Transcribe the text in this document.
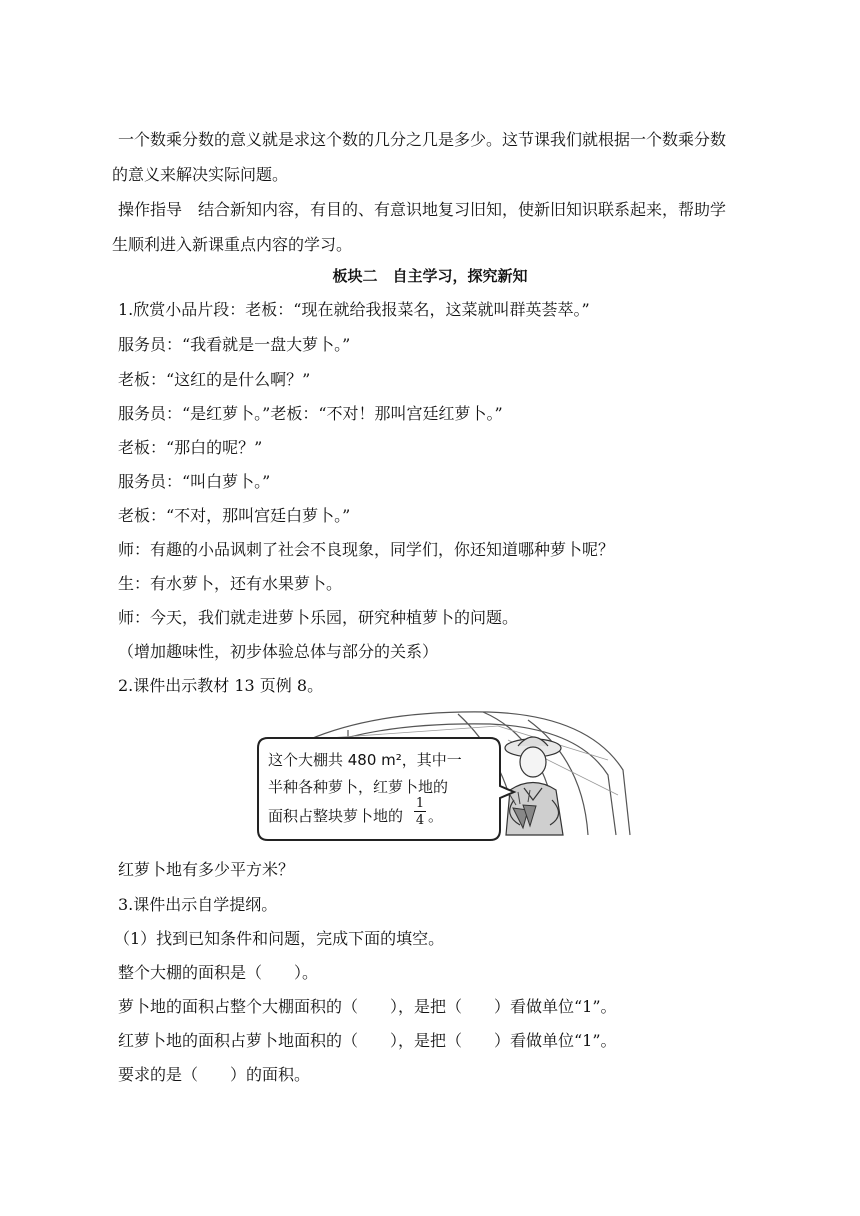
一个数乘分数的意义就是求这个数的几分之几是多少。这节课我们就根据一个数乘分数
的意义来解决实际问题。
操作指导　结合新知内容，有目的、有意识地复习旧知，使新旧知识联系起来，帮助学
生顺利进入新课重点内容的学习。
板块二　自主学习，探究新知
1.欣赏小品片段：老板：“现在就给我报菜名，这菜就叫群英荟萃。”
服务员：“我看就是一盘大萝卜。”
老板：“这红的是什么啊？”
服务员：“是红萝卜。”老板：“不对！那叫宫廷红萝卜。”
老板：“那白的呢？”
服务员：“叫白萝卜。”
老板：“不对，那叫宫廷白萝卜。”
师：有趣的小品讽刺了社会不良现象，同学们，你还知道哪种萝卜呢？
生：有水萝卜，还有水果萝卜。
师：今天，我们就走进萝卜乐园，研究种植萝卜的问题。
（增加趣味性，初步体验总体与部分的关系）
2.课件出示教材 13 页例 8。
这个大棚共 480 m²，其中一
半种各种萝卜，红萝卜地的
面积占整块萝卜地的
1
4 。
红萝卜地有多少平方米？
3.课件出示自学提纲。
（1）找到已知条件和问题，完成下面的填空。
整个大棚的面积是（　　）。
萝卜地的面积占整个大棚面积的（　　），是把（　　）看做单位“1”。
红萝卜地的面积占萝卜地面积的（　　），是把（　　）看做单位“1”。
要求的是（　　）的面积。
